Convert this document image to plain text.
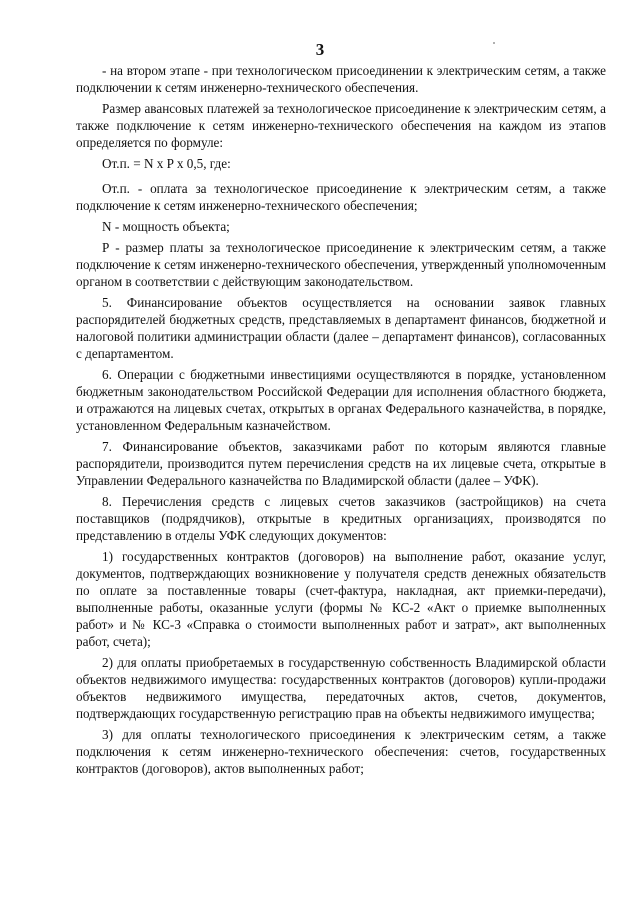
3

- на втором этапе - при технологическом присоединении к электрическим сетям, а также подключении к сетям инженерно-технического обеспечения.

Размер авансовых платежей за технологическое присоединение к электрическим сетям, а также подключение к сетям инженерно-технического обеспечения на каждом из этапов определяется по формуле:

От.п. = N x P x 0,5, где:

От.п. - оплата за технологическое присоединение к электрическим сетям, а также подключение к сетям инженерно-технического обеспечения;

N - мощность объекта;

Р - размер платы за технологическое присоединение к электрическим сетям, а также подключение к сетям инженерно-технического обеспечения, утвержденный уполномоченным органом в соответствии с действующим законодательством.

5. Финансирование объектов осуществляется на основании заявок главных распорядителей бюджетных средств, представляемых в департамент финансов, бюджетной и налоговой политики администрации области (далее – департамент финансов), согласованных с департаментом.

6. Операции с бюджетными инвестициями осуществляются в порядке, установленном бюджетным законодательством Российской Федерации для исполнения областного бюджета, и отражаются на лицевых счетах, открытых в органах Федерального казначейства, в порядке, установленном Федеральным казначейством.

7. Финансирование объектов, заказчиками работ по которым являются главные распорядители, производится путем перечисления средств на их лицевые счета, открытые в Управлении Федерального казначейства по Владимирской области (далее – УФК).

8. Перечисления средств с лицевых счетов заказчиков (застройщиков) на счета поставщиков (подрядчиков), открытые в кредитных организациях, производятся по представлению в отделы УФК следующих документов:

1) государственных контрактов (договоров) на выполнение работ, оказание услуг, документов, подтверждающих возникновение у получателя средств денежных обязательств по оплате за поставленные товары (счет-фактура, накладная, акт приемки-передачи), выполненные работы, оказанные услуги (формы № КС-2 «Акт о приемке выполненных работ» и № КС-3 «Справка о стоимости выполненных работ и затрат», акт выполненных работ, счета);

2) для оплаты приобретаемых в государственную собственность Владимирской области объектов недвижимого имущества: государственных контрактов (договоров) купли-продажи объектов недвижимого имущества, передаточных актов, счетов, документов, подтверждающих государственную регистрацию прав на объекты недвижимого имущества;

3) для оплаты технологического присоединения к электрическим сетям, а также подключения к сетям инженерно-технического обеспечения: счетов, государственных контрактов (договоров), актов выполненных работ;
